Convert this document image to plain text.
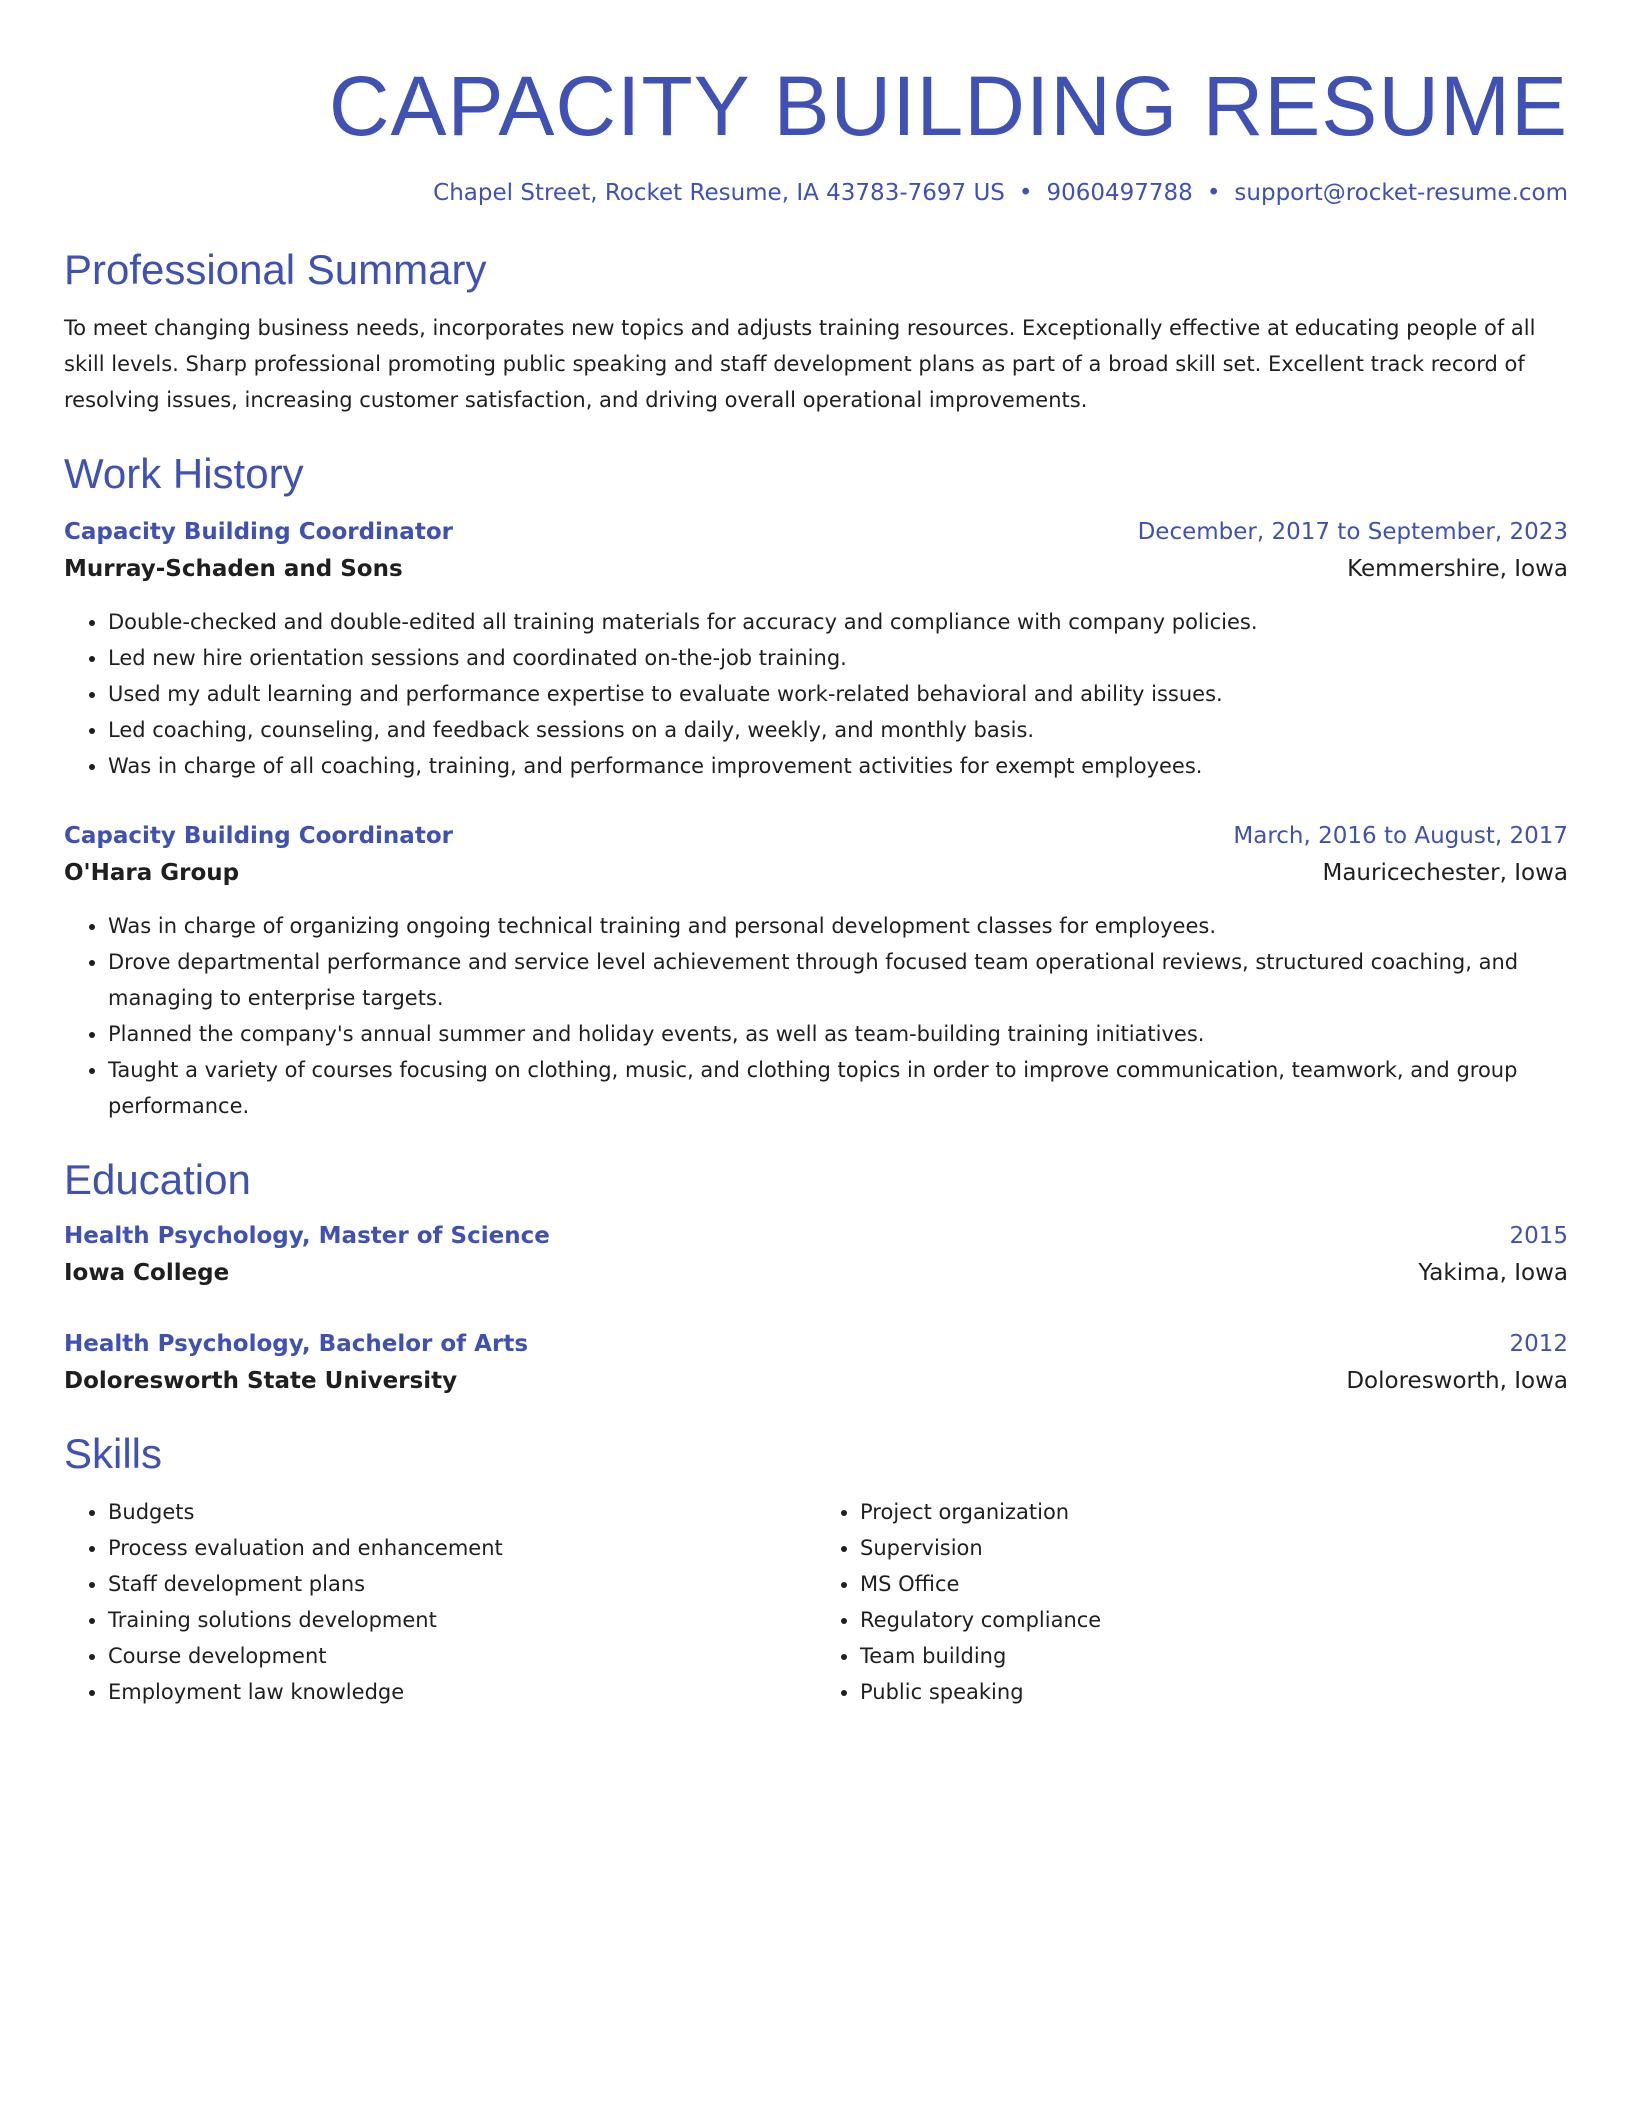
CAPACITY BUILDING RESUME
Chapel Street, Rocket Resume, IA 43783-7697 US • 9060497788 • support@rocket-resume.com
Professional Summary
To meet changing business needs, incorporates new topics and adjusts training resources. Exceptionally effective at educating people of all skill levels. Sharp professional promoting public speaking and staff development plans as part of a broad skill set. Excellent track record of resolving issues, increasing customer satisfaction, and driving overall operational improvements.
Work History
Capacity Building Coordinator	December, 2017 to September, 2023
Murray-Schaden and Sons	Kemmershire, Iowa
• Double-checked and double-edited all training materials for accuracy and compliance with company policies.
• Led new hire orientation sessions and coordinated on-the-job training.
• Used my adult learning and performance expertise to evaluate work-related behavioral and ability issues.
• Led coaching, counseling, and feedback sessions on a daily, weekly, and monthly basis.
• Was in charge of all coaching, training, and performance improvement activities for exempt employees.
Capacity Building Coordinator	March, 2016 to August, 2017
O'Hara Group	Mauricechester, Iowa
• Was in charge of organizing ongoing technical training and personal development classes for employees.
• Drove departmental performance and service level achievement through focused team operational reviews, structured coaching, and managing to enterprise targets.
• Planned the company's annual summer and holiday events, as well as team-building training initiatives.
• Taught a variety of courses focusing on clothing, music, and clothing topics in order to improve communication, teamwork, and group performance.
Education
Health Psychology, Master of Science	2015
Iowa College	Yakima, Iowa
Health Psychology, Bachelor of Arts	2012
Doloresworth State University	Doloresworth, Iowa
Skills
• Budgets
• Process evaluation and enhancement
• Staff development plans
• Training solutions development
• Course development
• Employment law knowledge
• Project organization
• Supervision
• MS Office
• Regulatory compliance
• Team building
• Public speaking
